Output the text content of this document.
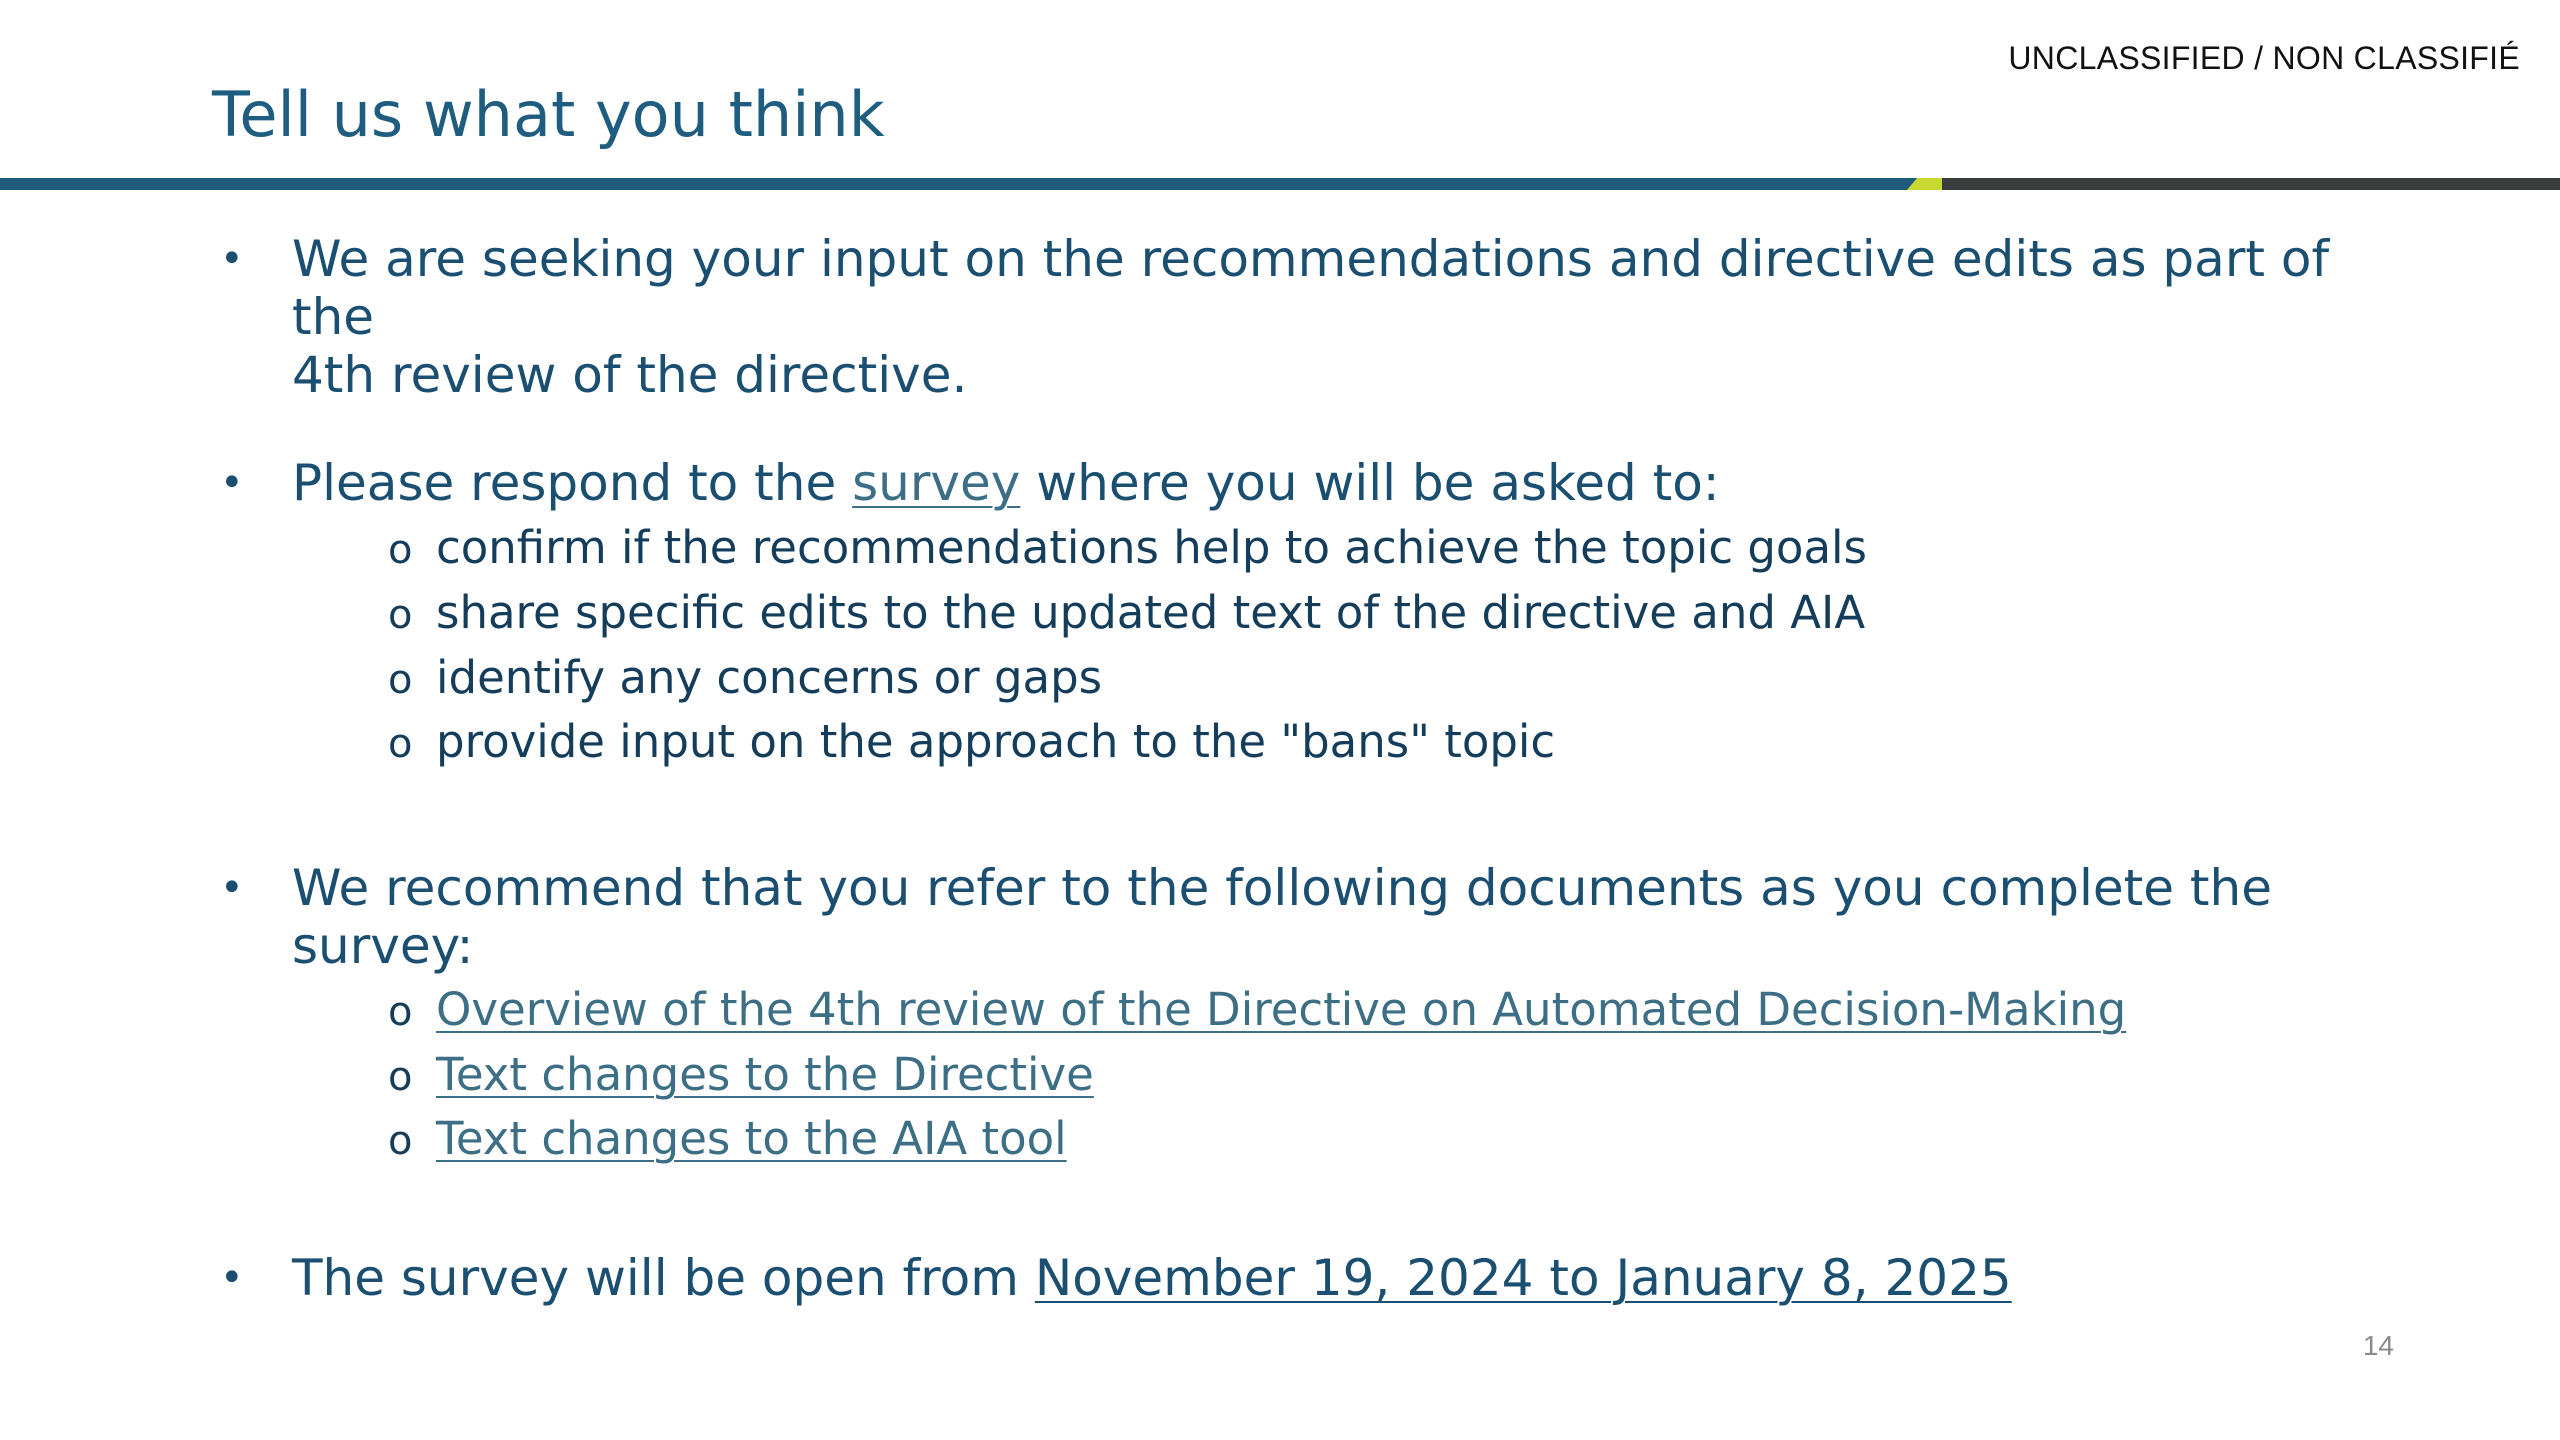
UNCLASSIFIED / NON CLASSIFIÉ
Tell us what you think
• We are seeking your input on the recommendations and directive edits as part of the
4th review of the directive.
• Please respond to the survey where you will be asked to:
o confirm if the recommendations help to achieve the topic goals
o share specific edits to the updated text of the directive and AIA
o identify any concerns or gaps
o provide input on the approach to the "bans" topic
• We recommend that you refer to the following documents as you complete the
survey:
o Overview of the 4th review of the Directive on Automated Decision-Making
o Text changes to the Directive
o Text changes to the AIA tool
• The survey will be open from November 19, 2024 to January 8, 2025
14
